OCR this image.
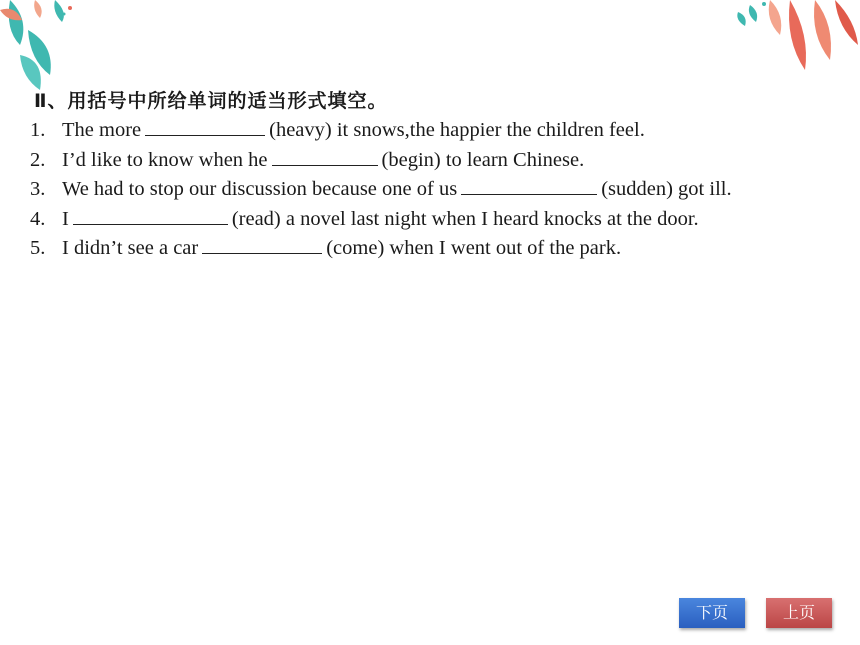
Ⅱ、用括号中所给单词的适当形式填空。
1. The more	(heavy) it snows,the happier the children feel.
2. I’d like to know when he	(begin) to learn Chinese.
3. We had to stop our discussion because one of us	(sudden) got ill.
4. I	(read) a novel last night when I heard knocks at the door.
5. I didn’t see a car	(come) when I went out of the park.
下页	上页
